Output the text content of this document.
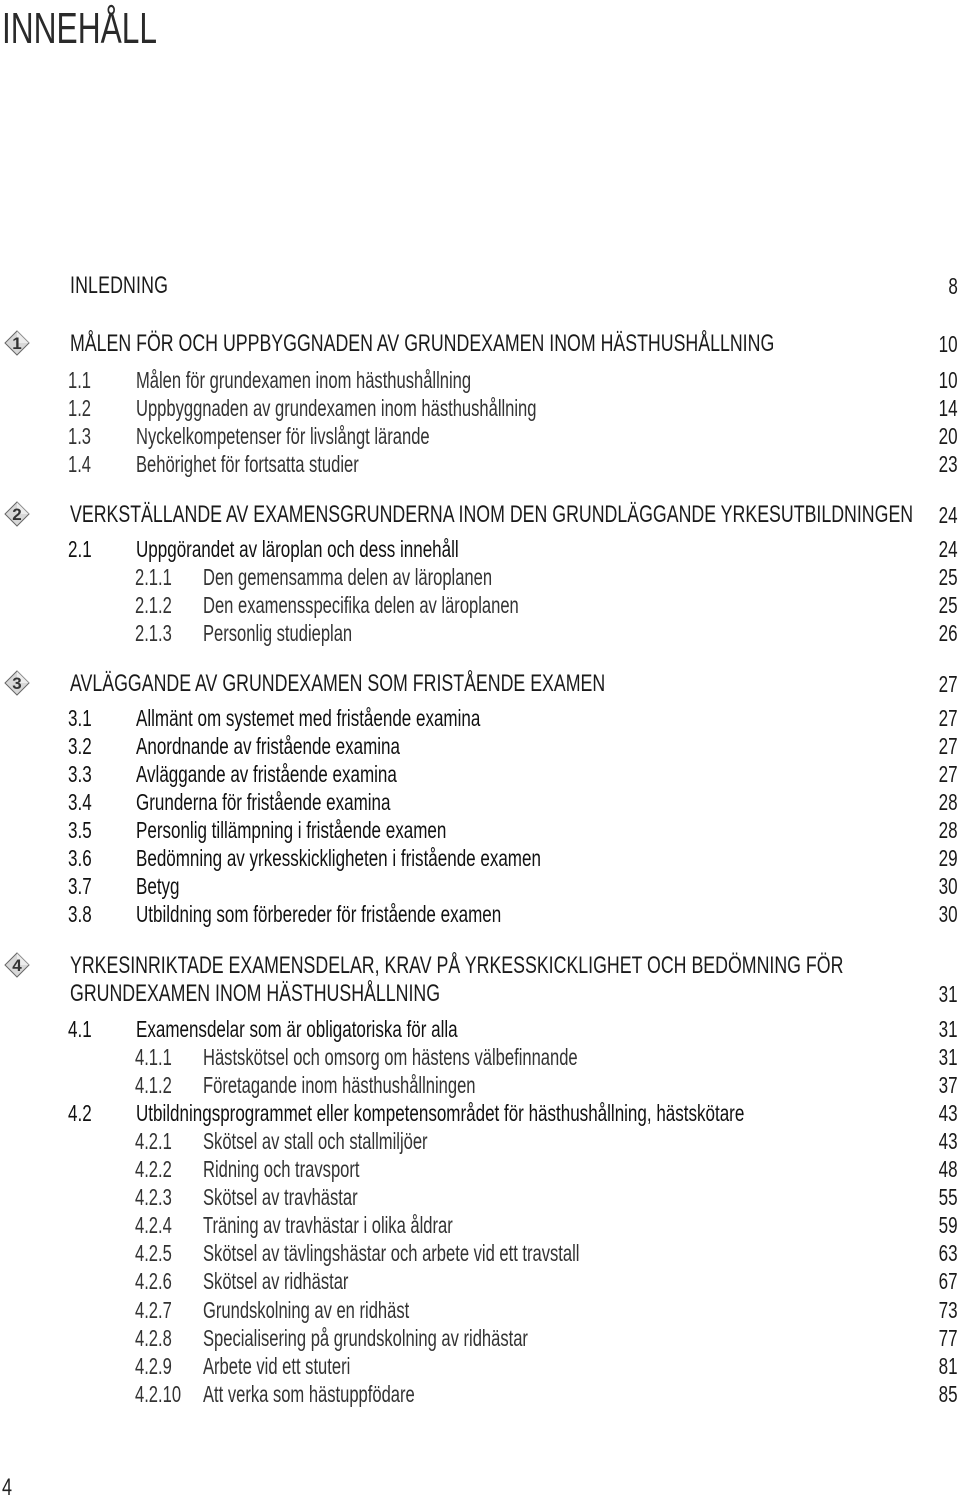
INNEHÅLL
INLEDNING	8
1 MÅLEN FÖR OCH UPPBYGGNADEN AV GRUNDEXAMEN INOM HÄSTHUSHÅLLNING	10
1.1 Målen för grundexamen inom hästhushållning	10
1.2 Uppbyggnaden av grundexamen inom hästhushållning	14
1.3 Nyckelkompetenser för livslångt lärande	20
1.4 Behörighet för fortsatta studier	23
2 VERKSTÄLLANDE AV EXAMENSGRUNDERNA INOM DEN GRUNDLÄGGANDE YRKESUTBILDNINGEN 24
2.1 Uppgörandet av läroplan och dess innehåll	24
2.1.1 Den gemensamma delen av läroplanen	25
2.1.2 Den examensspecifika delen av läroplanen	25
2.1.3 Personlig studieplan	26
3 AVLÄGGANDE AV GRUNDEXAMEN SOM FRISTÅENDE EXAMEN	27
3.1 Allmänt om systemet med fristående examina	27
3.2 Anordnande av fristående examina	27
3.3 Avläggande av fristående examina	27
3.4 Grunderna för fristående examina	28
3.5 Personlig tillämpning i fristående examen	28
3.6 Bedömning av yrkesskickligheten i fristående examen	29
3.7 Betyg	30
3.8 Utbildning som förbereder för fristående examen	30
4 YRKESINRIKTADE EXAMENSDELAR, KRAV PÅ YRKESSKICKLIGHET OCH BEDÖMNING FÖR
GRUNDEXAMEN INOM HÄSTHUSHÅLLNING	31
4.1 Examensdelar som är obligatoriska för alla	31
4.1.1 Hästskötsel och omsorg om hästens välbefinnande	31
4.1.2 Företagande inom hästhushållningen	37
4.2 Utbildningsprogrammet eller kompetensområdet för hästhushållning, hästskötare	43
4.2.1 Skötsel av stall och stallmiljöer	43
4.2.2 Ridning och travsport	48
4.2.3 Skötsel av travhästar	55
4.2.4 Träning av travhästar i olika åldrar	59
4.2.5 Skötsel av tävlingshästar och arbete vid ett travstall	63
4.2.6 Skötsel av ridhästar	67
4.2.7 Grundskolning av en ridhäst	73
4.2.8 Specialisering på grundskolning av ridhästar	77
4.2.9 Arbete vid ett stuteri	81
4.2.10 Att verka som hästuppfödare	85
4
